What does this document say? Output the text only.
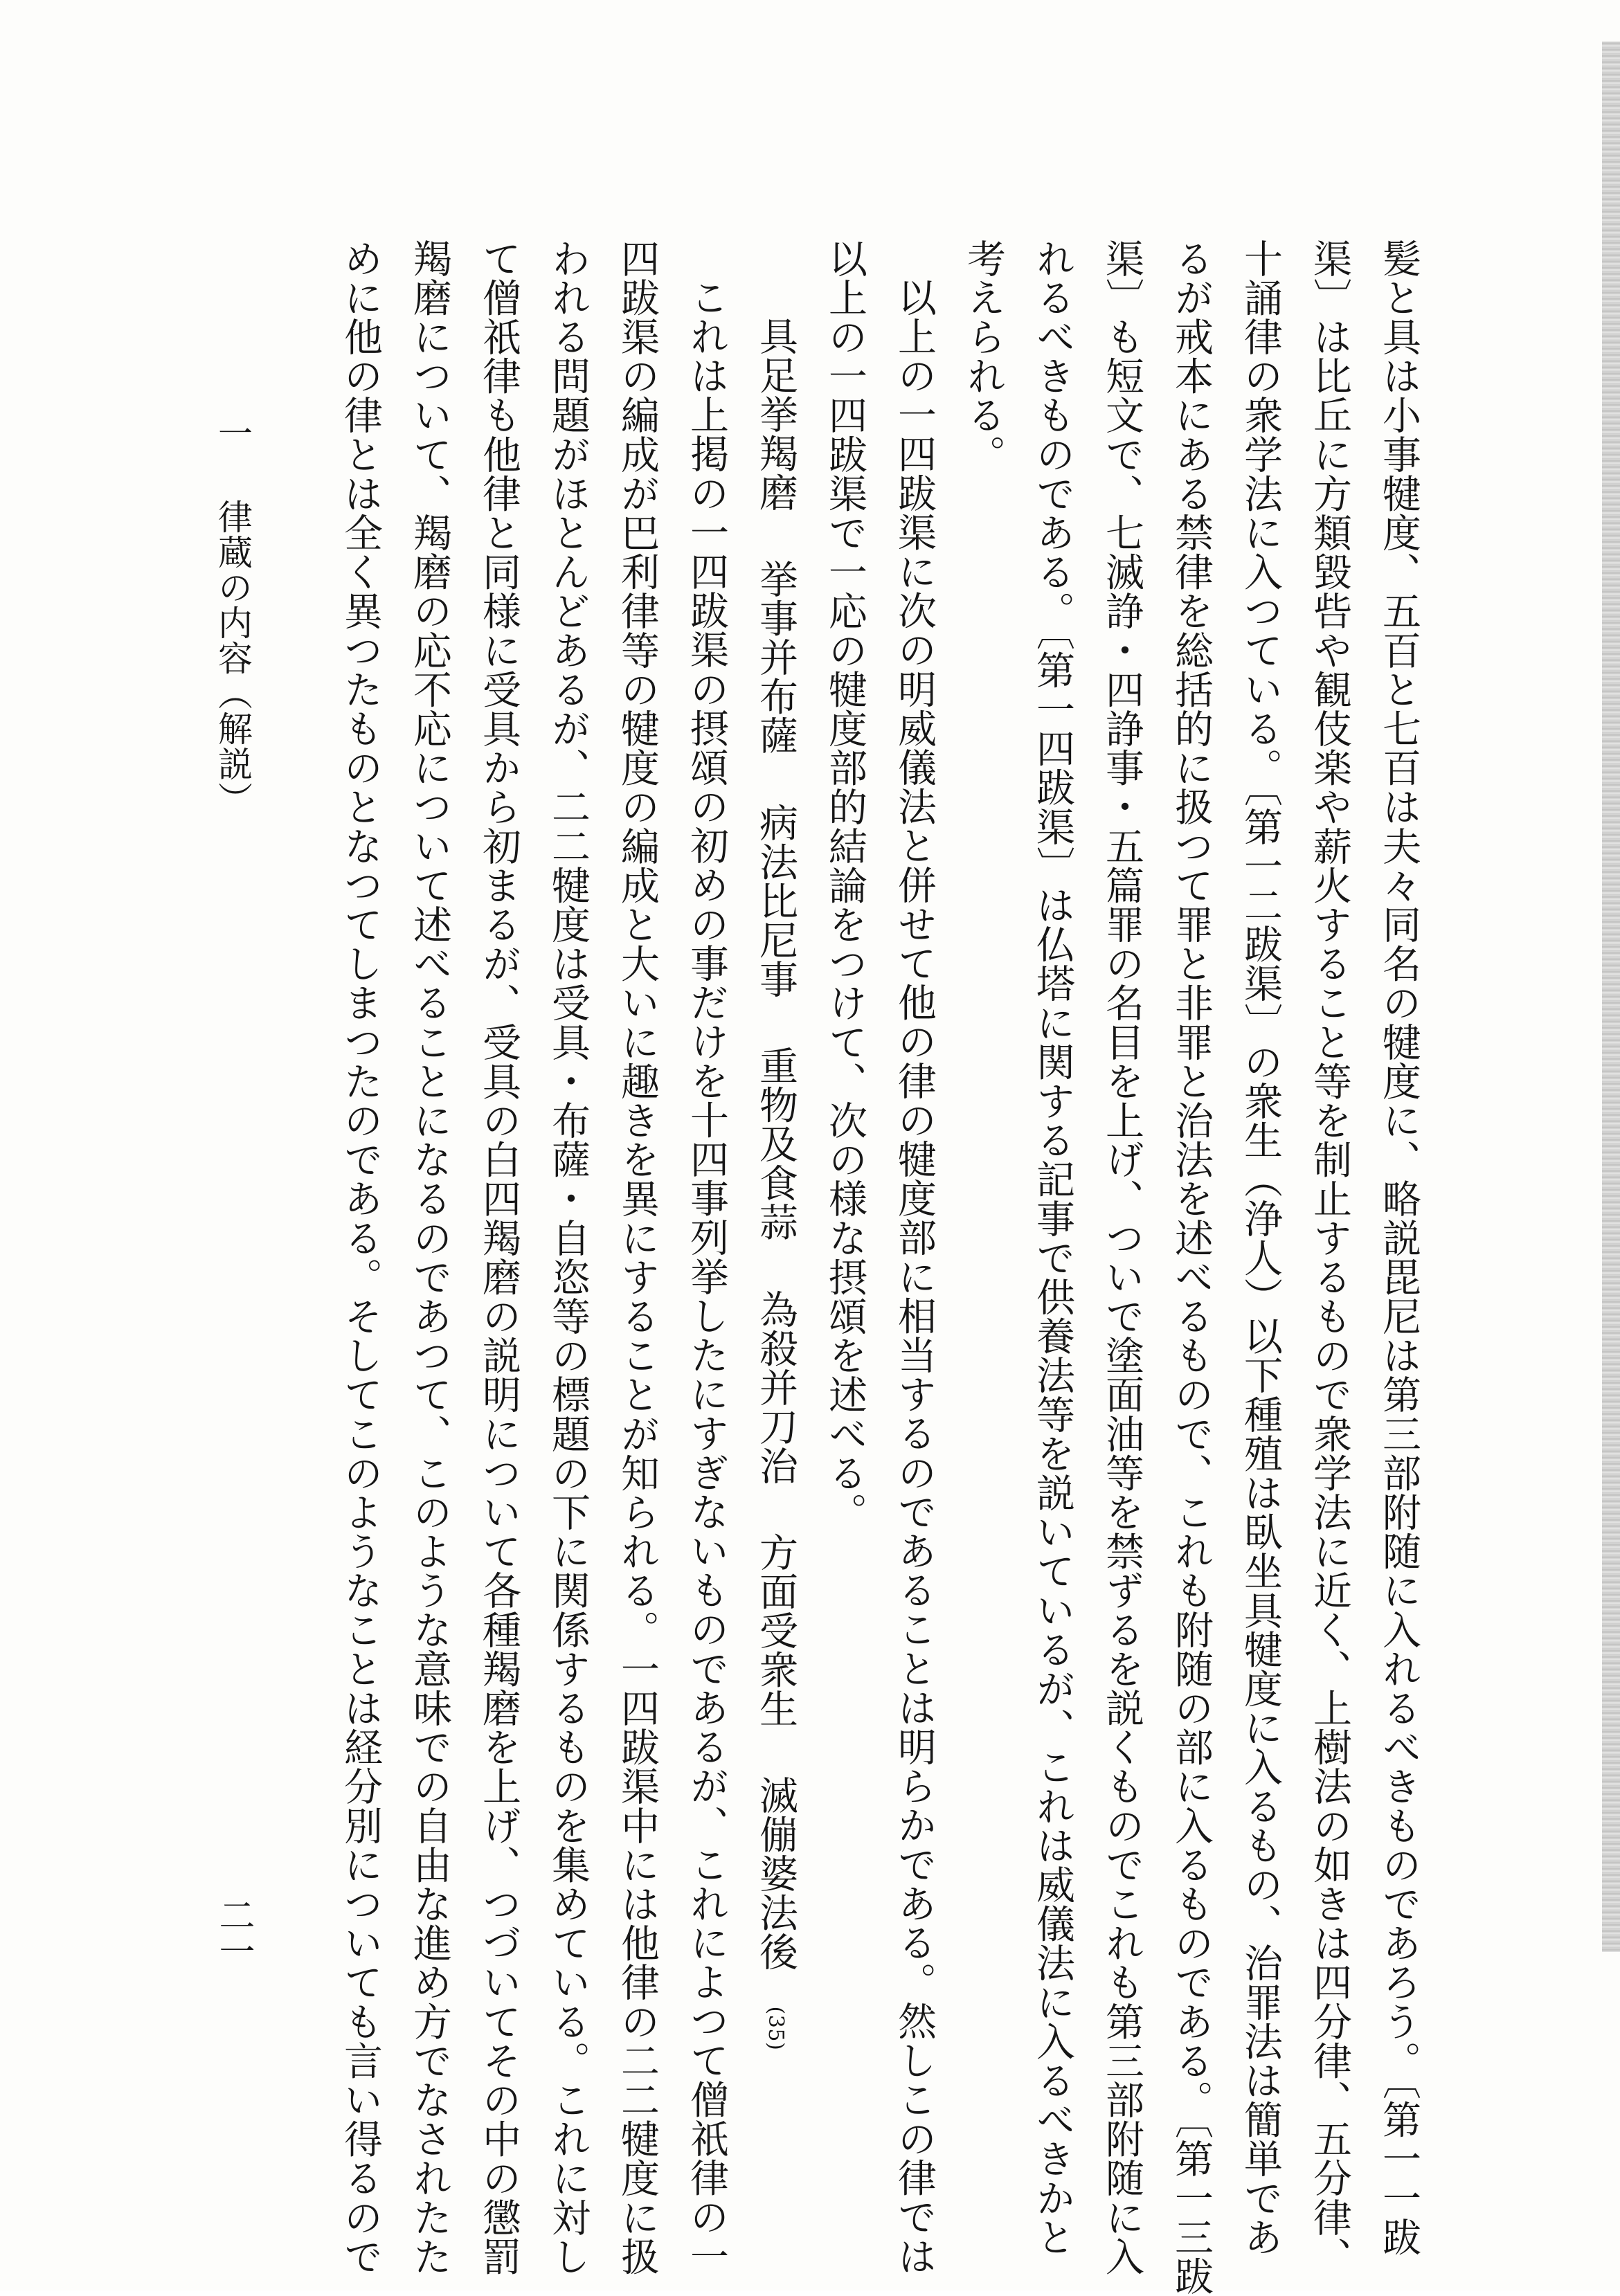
髪と具は小事犍度、五百と七百は夫々同名の犍度に、略説毘尼は第三部附随に入れるべきものであろう。〔第一一跋
渠〕は比丘に方類毀呰や観伎楽や薪火すること等を制止するもので衆学法に近く、上樹法の如きは四分律、五分律、
十誦律の衆学法に入つている。〔第一二跋渠〕の衆生（浄人）以下種殖は臥坐具犍度に入るもの、治罪法は簡単であ
るが戒本にある禁律を総括的に扱つて罪と非罪と治法を述べるもので、これも附随の部に入るものである。〔第一三跋
渠〕も短文で、七滅諍・四諍事・五篇罪の名目を上げ、ついで塗面油等を禁ずるを説くものでこれも第三部附随に入
れるべきものである。〔第一四跋渠〕は仏塔に関する記事で供養法等を説いているが、これは威儀法に入るべきかと
考えられる。
以上の一四跋渠に次の明威儀法と併せて他の律の犍度部に相当するのであることは明らかである。然しこの律では
以上の一四跋渠で一応の犍度部的結論をつけて、次の様な摂頌を述べる。
具足挙羯磨 挙事并布薩 病法比尼事 重物及食蒜 為殺并刀治 方面受衆生 滅傰婆法後(35)
これは上掲の一四跋渠の摂頌の初めの事だけを十四事列挙したにすぎないものであるが、これによつて僧祇律の一
四跋渠の編成が巴利律等の犍度の編成と大いに趣きを異にすることが知られる。一四跋渠中には他律の二二犍度に扱
われる問題がほとんどあるが、二二犍度は受具・布薩・自恣等の標題の下に関係するものを集めている。これに対し
て僧祇律も他律と同様に受具から初まるが、受具の白四羯磨の説明について各種羯磨を上げ、つづいてその中の懲罰
羯磨について、羯磨の応不応について述べることになるのであつて、このような意味での自由な進め方でなされたた
めに他の律とは全く異つたものとなつてしまつたのである。そしてこのようなことは経分別についても言い得るので
一律蔵の内容（解説）
二一
